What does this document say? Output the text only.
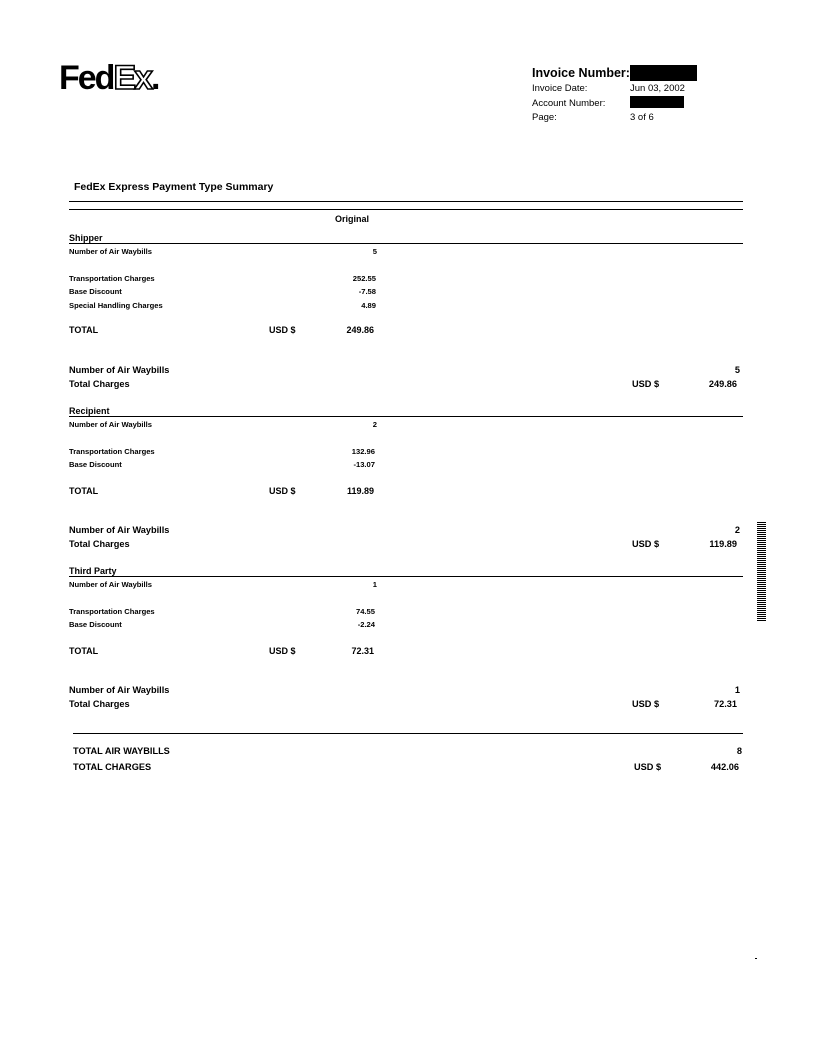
FedEx.	Invoice Number:
Invoice Date:	Jun 03, 2002
Account Number:
Page:	3 of 6
FedEx Express Payment Type Summary
Original
Shipper
Number of Air Waybills	5
Transportation Charges	252.55
Base Discount	-7.58
Special Handling Charges	4.89
TOTAL	USD $	249.86
Number of Air Waybills	5
Total Charges	USD $	249.86
Recipient
Number of Air Waybills	2
Transportation Charges	132.96
Base Discount	-13.07
TOTAL	USD $	119.89
Number of Air Waybills	2
Total Charges	USD $	119.89
Third Party
Number of Air Waybills	1
Transportation Charges	74.55
Base Discount	-2.24
TOTAL	USD $	72.31
Number of Air Waybills	1
Total Charges	USD $	72.31
TOTAL AIR WAYBILLS	8
TOTAL CHARGES	USD $	442.06
